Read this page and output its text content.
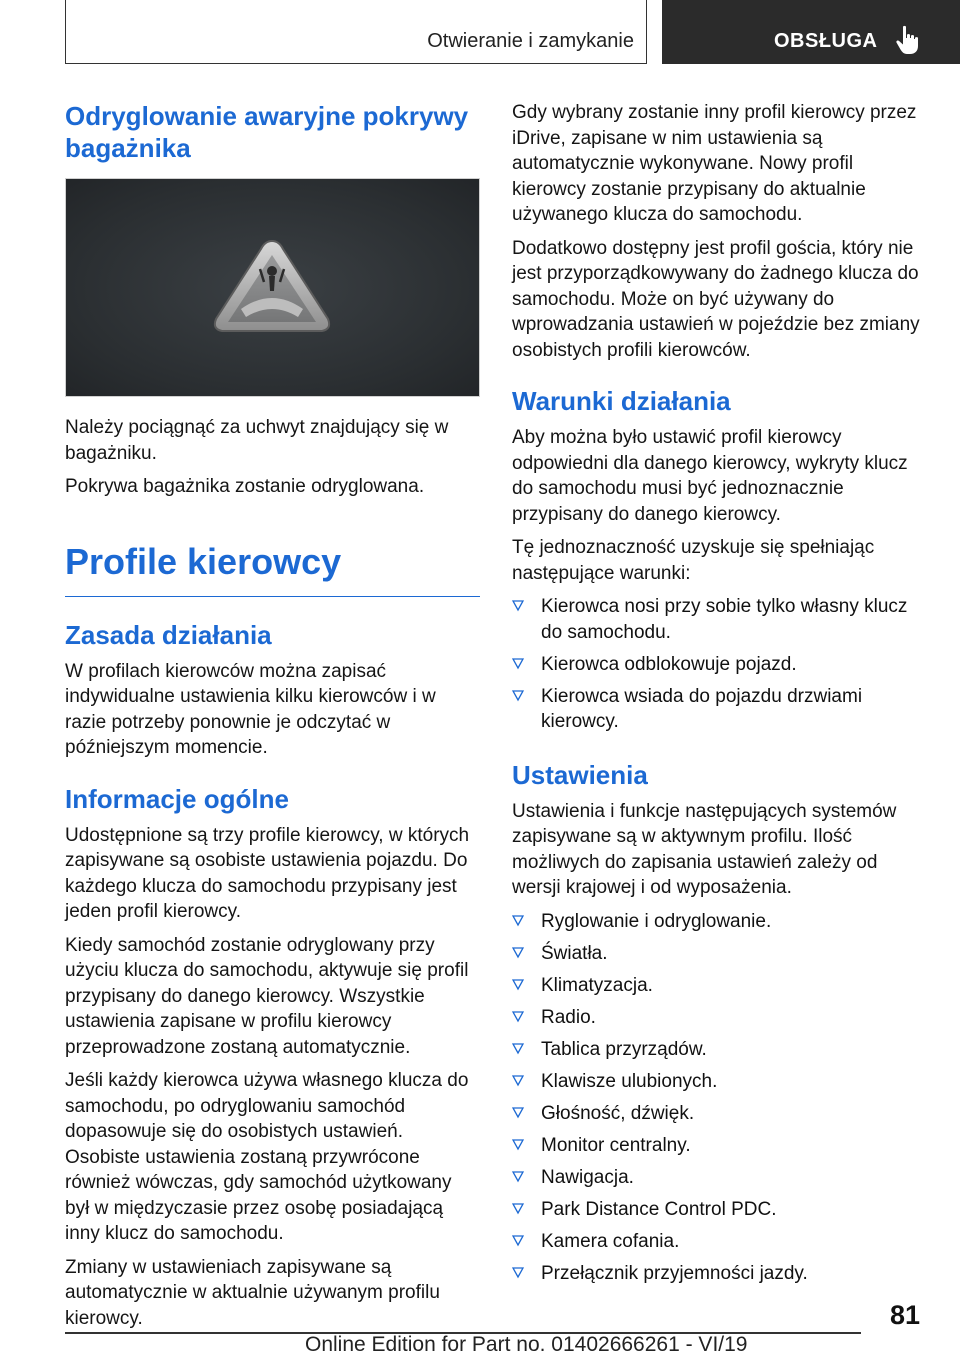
Otwieranie i zamykanie	OBSŁUGA
Odryglowanie awaryjne pokrywy bagażnika

Należy pociągnąć za uchwyt znajdujący się w bagażniku.

Pokrywa bagażnika zostanie odryglowana.

Profile kierowcy
Zasada działania

W profilach kierowców można zapisać indywidualne ustawienia kilku kierowców i w razie potrzeby ponownie je odczytać w późniejszym momencie.

Informacje ogólne

Udostępnione są trzy profile kierowcy, w których zapisywane są osobiste ustawienia pojazdu. Do każdego klucza do samochodu przypisany jest jeden profil kierowcy.

Kiedy samochód zostanie odryglowany przy użyciu klucza do samochodu, aktywuje się profil przypisany do danego kierowcy. Wszystkie ustawienia zapisane w profilu kierowcy przeprowadzone zostaną automatycznie.

Jeśli każdy kierowca używa własnego klucza do samochodu, po odryglowaniu samochód dopasowuje się do osobistych ustawień. Osobiste ustawienia zostaną przywrócone również wówczas, gdy samochód użytkowany był w międzyczasie przez osobę posiadającą inny klucz do samochodu.

Zmiany w ustawieniach zapisywane są automatycznie w aktualnie używanym profilu kierowcy.

Gdy wybrany zostanie inny profil kierowcy przez iDrive, zapisane w nim ustawienia są automatycznie wykonywane. Nowy profil kierowcy zostanie przypisany do aktualnie używanego klucza do samochodu.

Dodatkowo dostępny jest profil gościa, który nie jest przyporządkowywany do żadnego klucza do samochodu. Może on być używany do wprowadzania ustawień w pojeździe bez zmiany osobistych profili kierowców.

Warunki działania

Aby można było ustawić profil kierowcy odpowiedni dla danego kierowcy, wykryty klucz do samochodu musi być jednoznacznie przypisany do danego kierowcy.

Tę jednoznaczność uzyskuje się spełniając następujące warunki:

Kierowca nosi przy sobie tylko własny klucz do samochodu.
Kierowca odblokowuje pojazd.
Kierowca wsiada do pojazdu drzwiami kierowcy.
Ustawienia

Ustawienia i funkcje następujących systemów zapisywane są w aktywnym profilu. Ilość możliwych do zapisania ustawień zależy od wersji krajowej i od wyposażenia.

Ryglowanie i odryglowanie.
Światła.
Klimatyzacja.
Radio.
Tablica przyrządów.
Klawisze ulubionych.
Głośność, dźwięk.
Monitor centralny.
Nawigacja.
Park Distance Control PDC.
Kamera cofania.
Przełącznik przyjemności jazdy.
81
Online Edition for Part no. 01402666261 - VI/19
